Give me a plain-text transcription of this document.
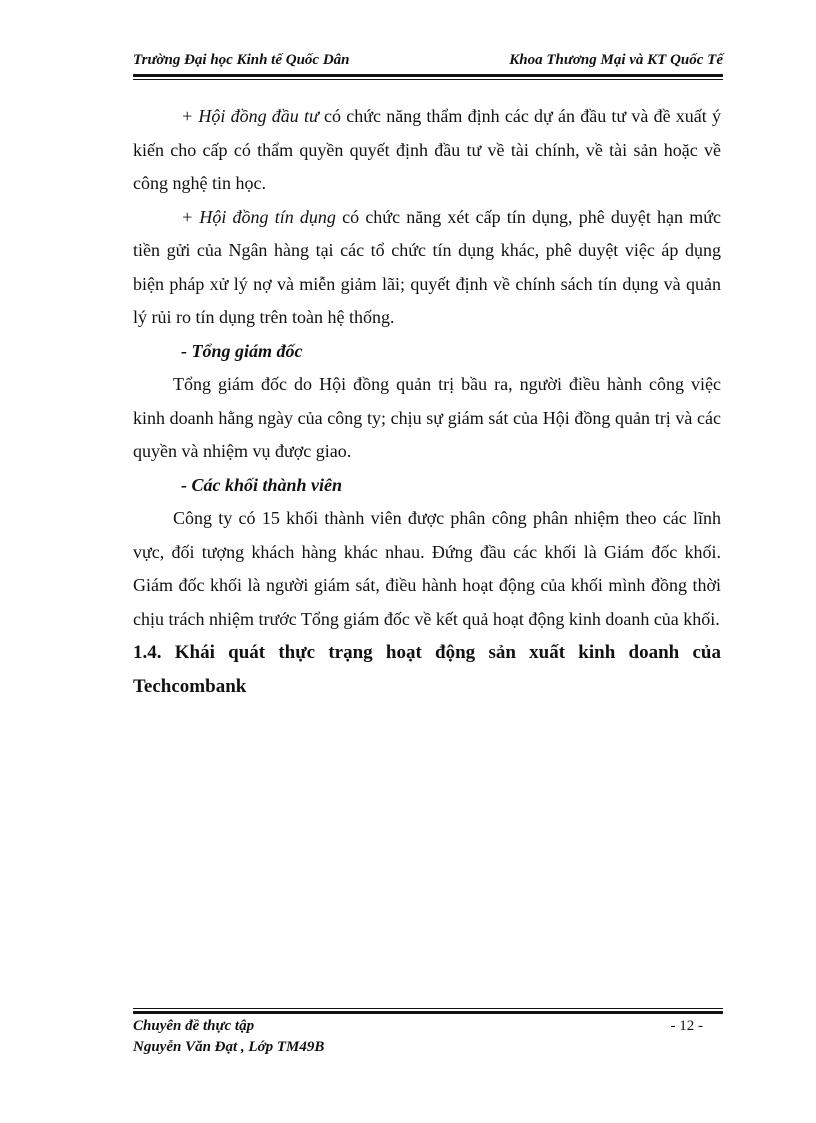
Trường Đại học Kinh tế Quốc Dân	Khoa Thương Mại và KT Quốc Tế

+ Hội đồng đầu tư có chức năng thẩm định các dự án đầu tư và đề xuất ý kiến cho cấp có thẩm quyền quyết định đầu tư về tài chính, về tài sản hoặc về công nghệ tin học.

+ Hội đồng tín dụng có chức năng xét cấp tín dụng, phê duyệt hạn mức tiền gửi của Ngân hàng tại các tổ chức tín dụng khác, phê duyệt việc áp dụng biện pháp xử lý nợ và miễn giảm lãi; quyết định về chính sách tín dụng và quản lý rủi ro tín dụng trên toàn hệ thống.

- Tổng giám đốc

Tổng giám đốc do Hội đồng quản trị bầu ra, người điều hành công việc kinh doanh hằng ngày của công ty; chịu sự giám sát của Hội đồng quản trị và các quyền và nhiệm vụ được giao.

- Các khối thành viên

Công ty có 15 khối thành viên được phân công phân nhiệm theo các lĩnh vực, đối tượng khách hàng khác nhau. Đứng đầu các khối là Giám đốc khối. Giám đốc khối là người giám sát, điều hành hoạt động của khối mình đồng thời chịu trách nhiệm trước Tổng giám đốc về kết quả hoạt động kinh doanh của khối.

1.4. Khái quát thực trạng hoạt động sản xuất kinh doanh của
Techcombank
Chuyên đề thực tập
Nguyễn Văn Đạt , Lớp TM49B
- 12 -
